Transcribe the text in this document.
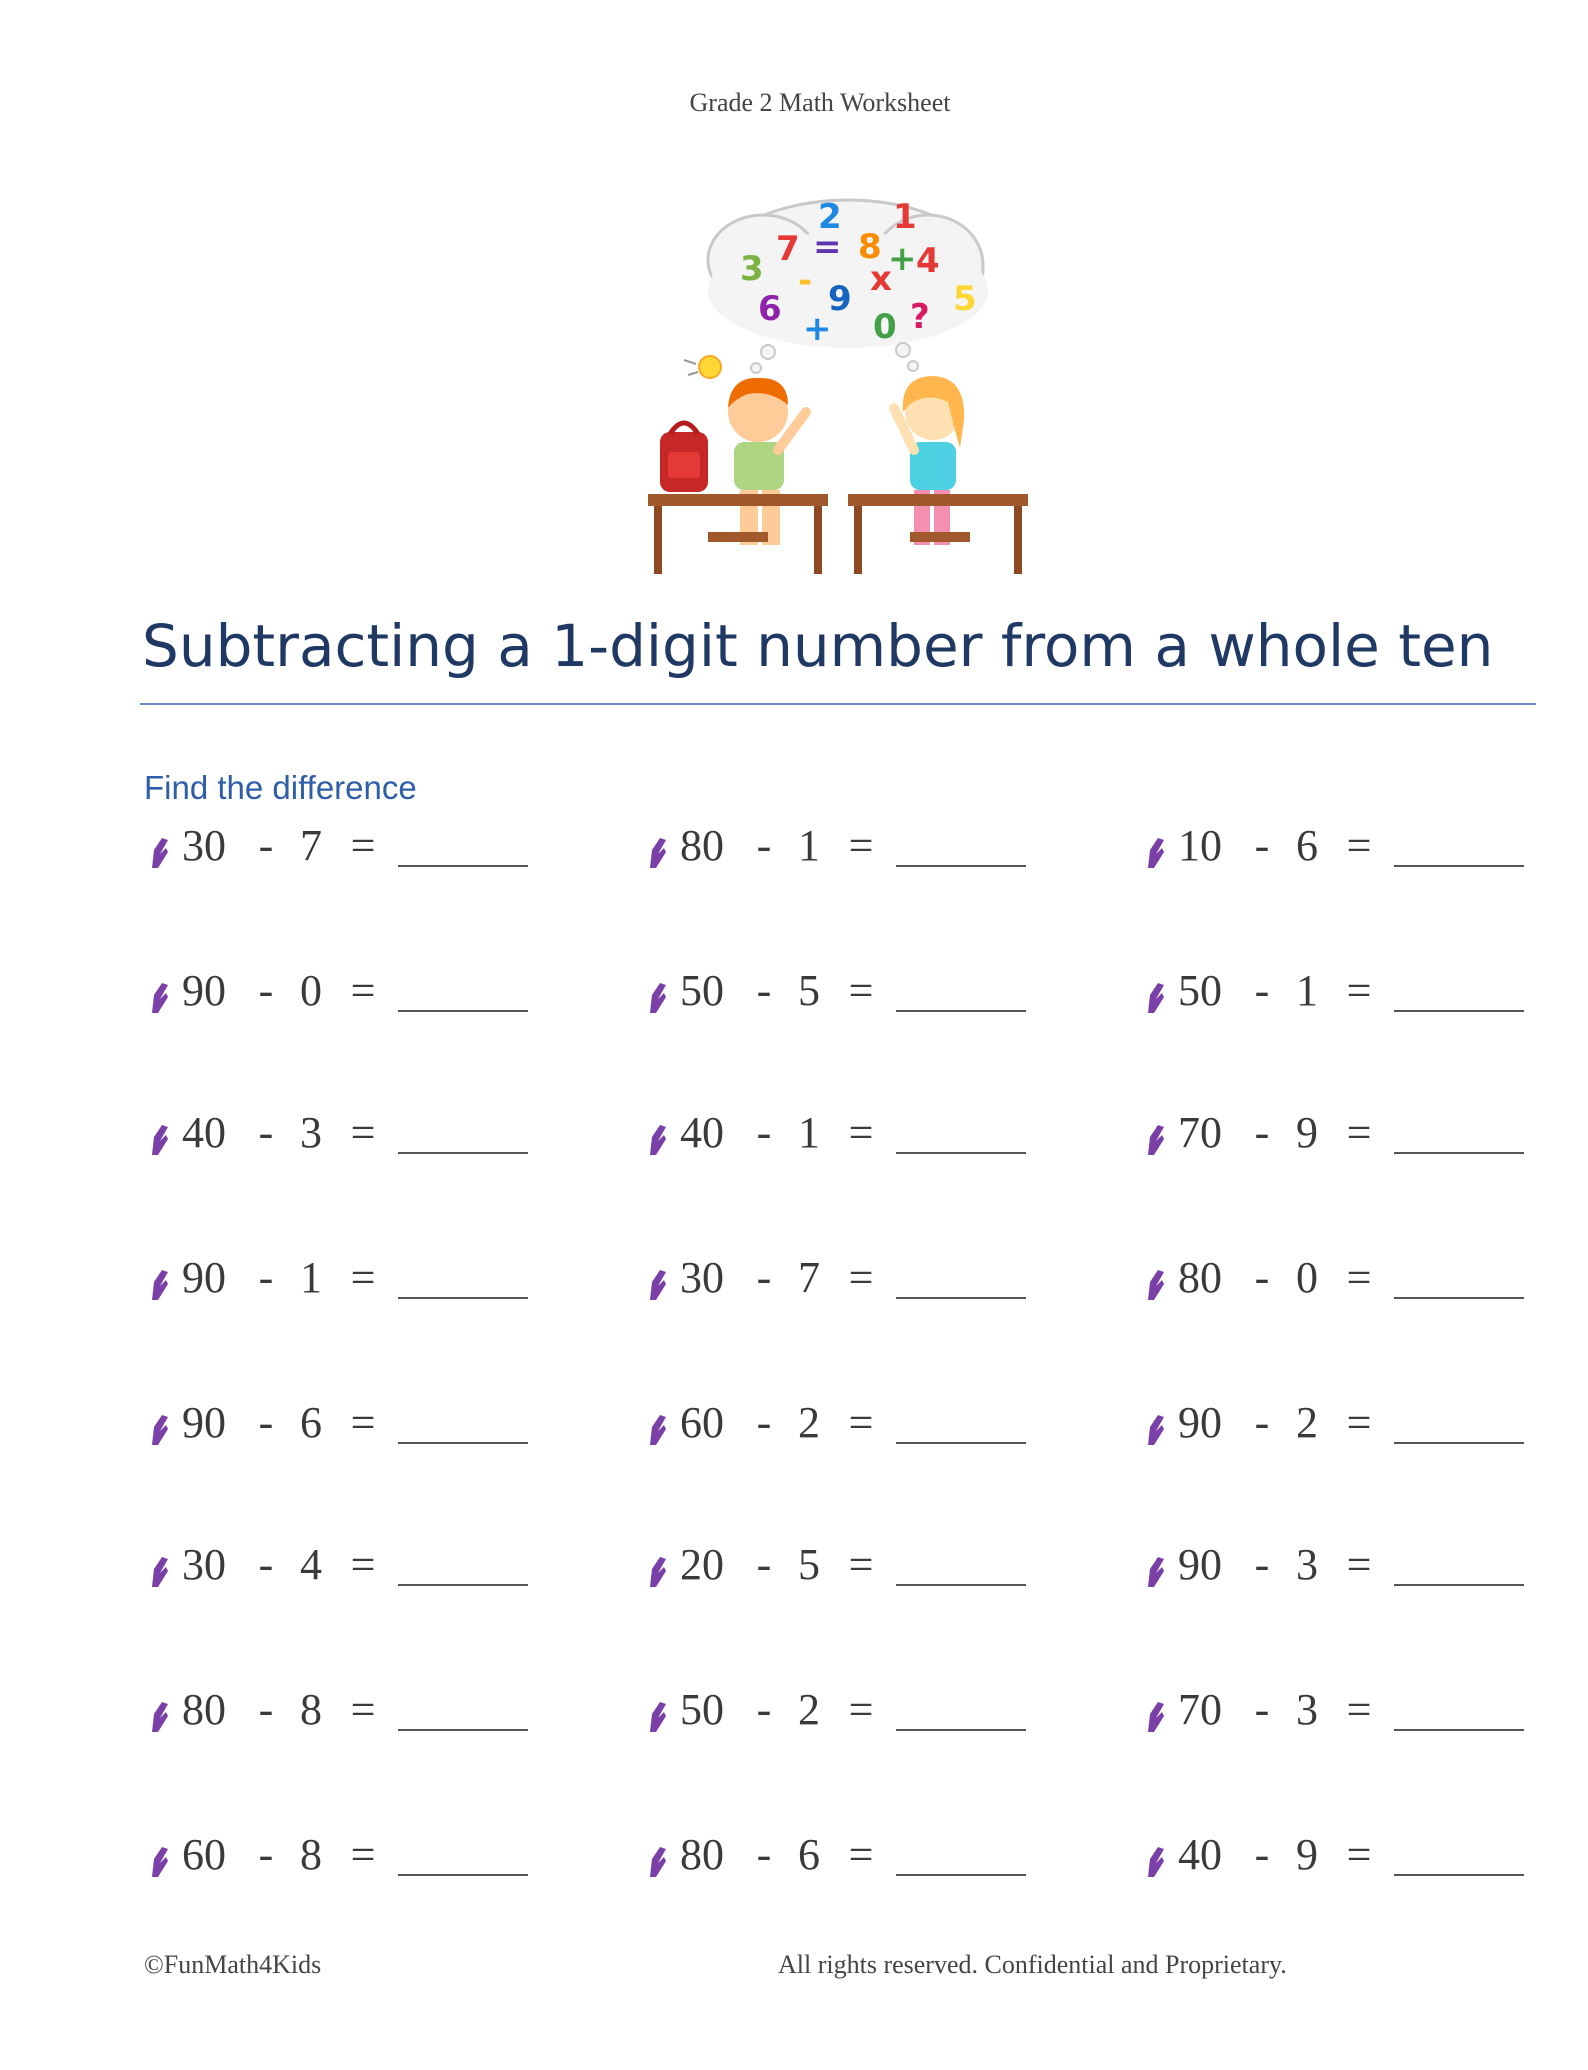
Grade 2 Math Worksheet
3 7
2
= 8
1
+ 4
6
- 9 x
0 ? 5
+
Subtracting a 1-digit number from a whole ten
Find the difference
30 - 7 =	80 - 1 =	10 - 6 =
90 - 0 =	50 - 5 =	50 - 1 =
40 - 3 =	40 - 1 =	70 - 9 =
90 - 1 =	30 - 7 =	80 - 0 =
90 - 6 =	60 - 2 =	90 - 2 =
30 - 4 =	20 - 5 =	90 - 3 =
80 - 8 =	50 - 2 =	70 - 3 =
60 - 8 =	80 - 6 =	40 - 9 =
©FunMath4Kids	All rights reserved. Confidential and Proprietary.
